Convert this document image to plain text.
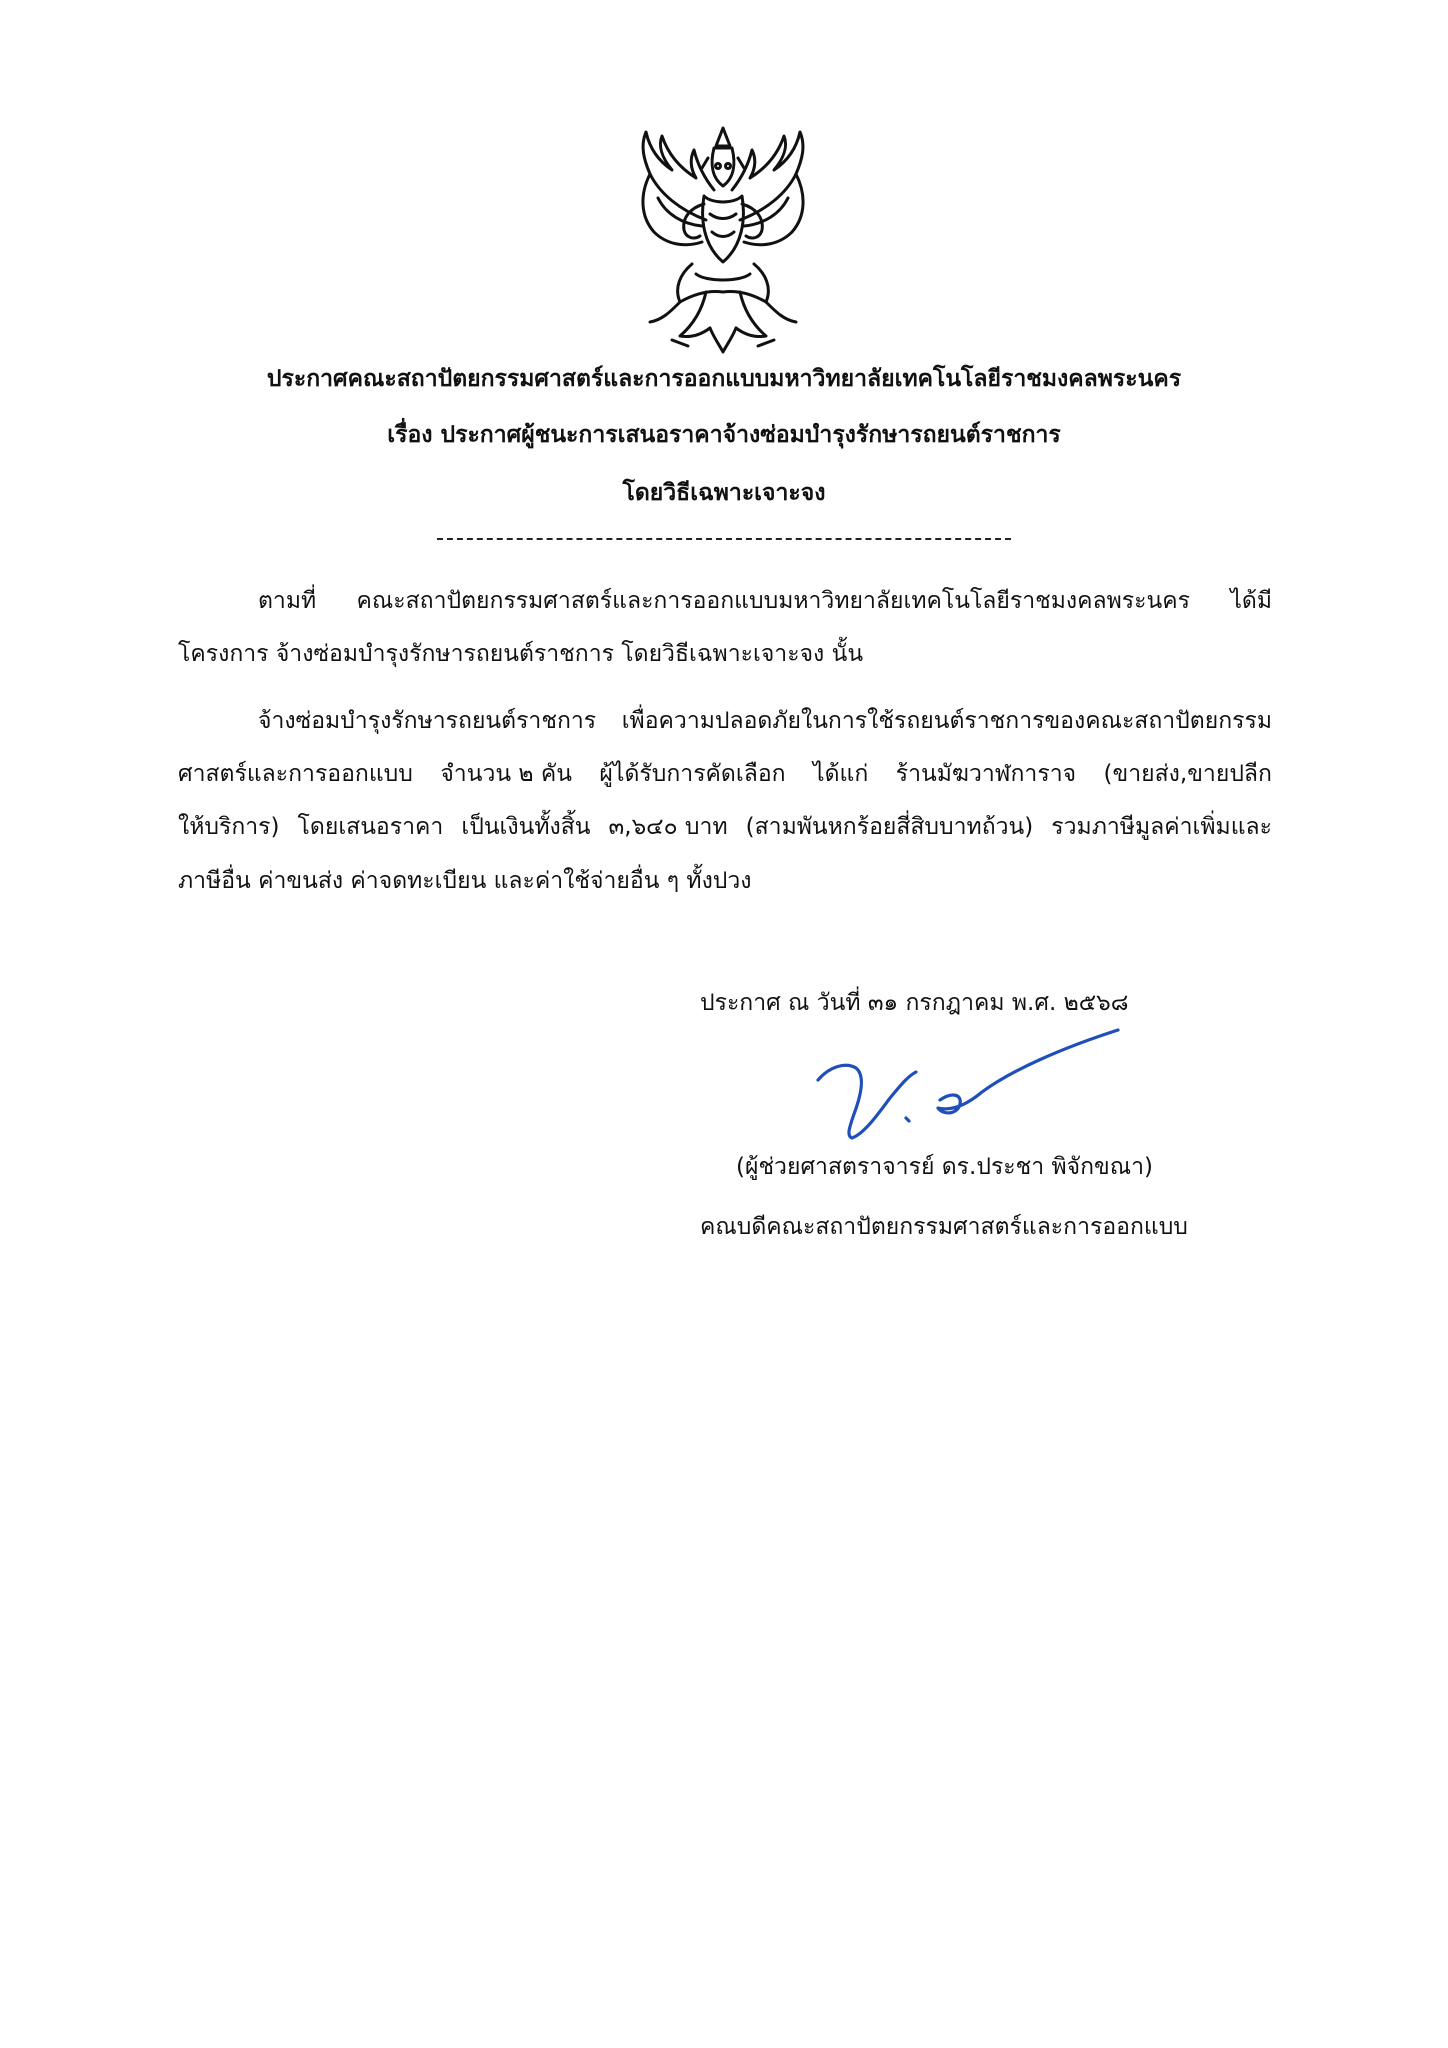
ประกาศคณะสถาปัตยกรรมศาสตร์และการออกแบบมหาวิทยาลัยเทคโนโลยีราชมงคลพระนคร
เรื่อง ประกาศผู้ชนะการเสนอราคาจ้างซ่อมบำรุงรักษารถยนต์ราชการ
โดยวิธีเฉพาะเจาะจง
ตามที่ คณะสถาปัตยกรรมศาสตร์และการออกแบบมหาวิทยาลัยเทคโนโลยีราชมงคลพระนคร ได้มี
โครงการ จ้างซ่อมบำรุงรักษารถยนต์ราชการ โดยวิธีเฉพาะเจาะจง นั้น
จ้างซ่อมบำรุงรักษารถยนต์ราชการ เพื่อความปลอดภัยในการใช้รถยนต์ราชการของคณะสถาปัตยกรรม
ศาสตร์และการออกแบบ จำนวน ๒ คัน ผู้ได้รับการคัดเลือก ได้แก่ ร้านมัฆวาฬการาจ (ขายส่ง,ขายปลีก
ให้บริการ) โดยเสนอราคา เป็นเงินทั้งสิ้น ๓,๖๔๐ บาท (สามพันหกร้อยสี่สิบบาทถ้วน) รวมภาษีมูลค่าเพิ่มและ
ภาษีอื่น ค่าขนส่ง ค่าจดทะเบียน และค่าใช้จ่ายอื่น ๆ ทั้งปวง
ประกาศ ณ วันที่ ๓๑ กรกฎาคม พ.ศ. ๒๕๖๘
(ผู้ช่วยศาสตราจารย์ ดร.ประชา พิจักขณา)
คณบดีคณะสถาปัตยกรรมศาสตร์และการออกแบบ
